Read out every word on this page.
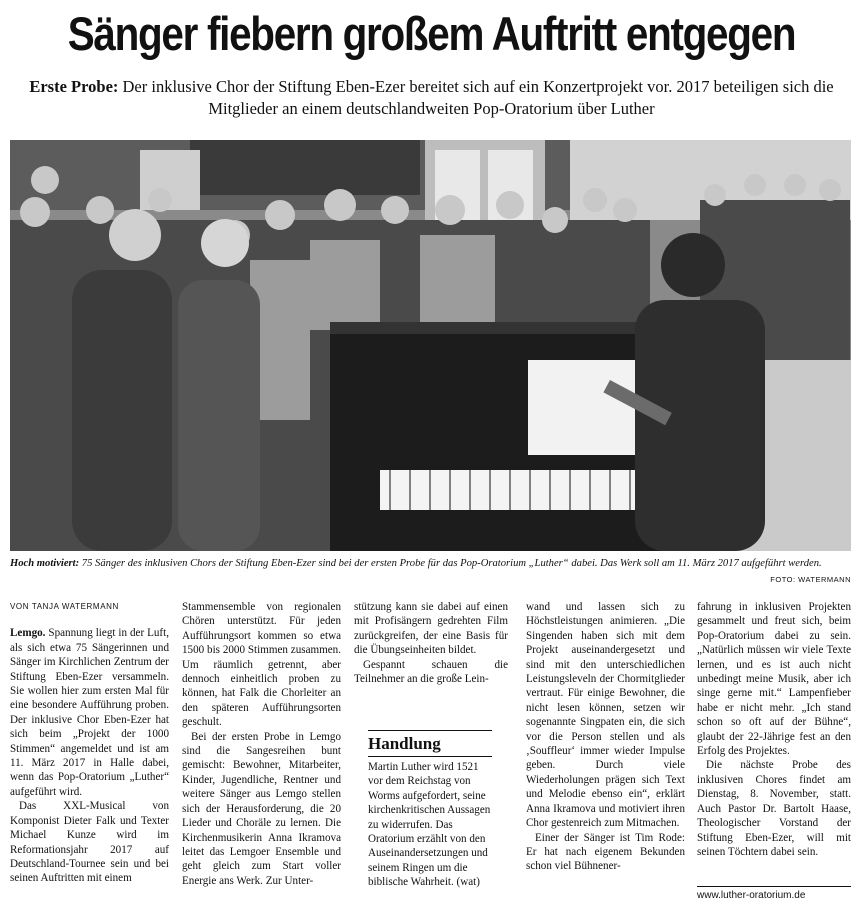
Sänger fiebern großem Auftritt entgegen
Erste Probe: Der inklusive Chor der Stiftung Eben-Ezer bereitet sich auf ein Konzertprojekt vor. 2017 beteiligen sich die Mitglieder an einem deutschlandweiten Pop-Oratorium über Luther
Hoch motiviert: 75 Sänger des inklusiven Chors der Stiftung Eben-Ezer sind bei der ersten Probe für das Pop-Oratorium „Luther“ dabei. Das Werk soll am 11. März 2017 aufgeführt werden.
FOTO: WATERMANN

VON TANJA WATERMANN

Lemgo. Spannung liegt in der Luft, als sich etwa 75 Sängerinnen und Sänger im Kirchlichen Zentrum der Stiftung Eben-Ezer versammeln. Sie wollen hier zum ersten Mal für eine besondere Aufführung proben. Der inklusive Chor Eben-Ezer hat sich beim „Projekt der 1000 Stimmen“ angemeldet und ist am 11. März 2017 in Halle dabei, wenn das Pop-Oratorium „Luther“ aufgeführt wird.

Das XXL-Musical von Komponist Dieter Falk und Texter Michael Kunze wird im Reformationsjahr 2017 auf Deutschland-Tournee sein und bei seinen Auftritten mit einem

Stammensemble von regionalen Chören unterstützt. Für jeden Aufführungsort kommen so etwa 1500 bis 2000 Stimmen zusammen. Um räumlich getrennt, aber dennoch einheitlich proben zu können, hat Falk die Chorleiter an den späteren Aufführungsorten geschult.

Bei der ersten Probe in Lemgo sind die Sangesreihen bunt gemischt: Bewohner, Mitarbeiter, Kinder, Jugendliche, Rentner und weitere Sänger aus Lemgo stellen sich der Herausforderung, die 20 Lieder und Choräle zu lernen. Die Kirchenmusikerin Anna Ikramova leitet das Lemgoer Ensemble und geht gleich zum Start voller Energie ans Werk. Zur Unter-

stützung kann sie dabei auf einen mit Profisängern gedrehten Film zurückgreifen, der eine Basis für die Übungseinheiten bildet.

Gespannt schauen die Teilnehmer an die große Lein-

Handlung
Martin Luther wird 1521 vor dem Reichstag von Worms aufgefordert, seine kirchenkritischen Aussagen zu widerrufen. Das Oratorium erzählt von den Auseinandersetzungen und seinem Ringen um die biblische Wahrheit. (wat)

wand und lassen sich zu Höchstleistungen animieren. „Die Singenden haben sich mit dem Projekt auseinandergesetzt und sind mit den unterschiedlichen Leistungsleveln der Chormitglieder vertraut. Für einige Bewohner, die nicht lesen können, setzen wir sogenannte Singpaten ein, die sich vor die Person stellen und als ‚Souffleur‘ immer wieder Impulse geben. Durch viele Wiederholungen prägen sich Text und Melodie ebenso ein“, erklärt Anna Ikramova und motiviert ihren Chor gestenreich zum Mitmachen.

Einer der Sänger ist Tim Rode: Er hat nach eigenem Bekunden schon viel Bühnener-

fahrung in inklusiven Projekten gesammelt und freut sich, beim Pop-Oratorium dabei zu sein. „Natürlich müssen wir viele Texte lernen, und es ist auch nicht unbedingt meine Musik, aber ich singe gerne mit.“ Lampenfieber habe er nicht mehr. „Ich stand schon so oft auf der Bühne“, glaubt der 22-Jährige fest an den Erfolg des Projektes.

Die nächste Probe des inklusiven Chores findet am Dienstag, 8. November, statt. Auch Pastor Dr. Bartolt Haase, Theologischer Vorstand der Stiftung Eben-Ezer, will mit seinen Töchtern dabei sein.

www.luther-oratorium.de
